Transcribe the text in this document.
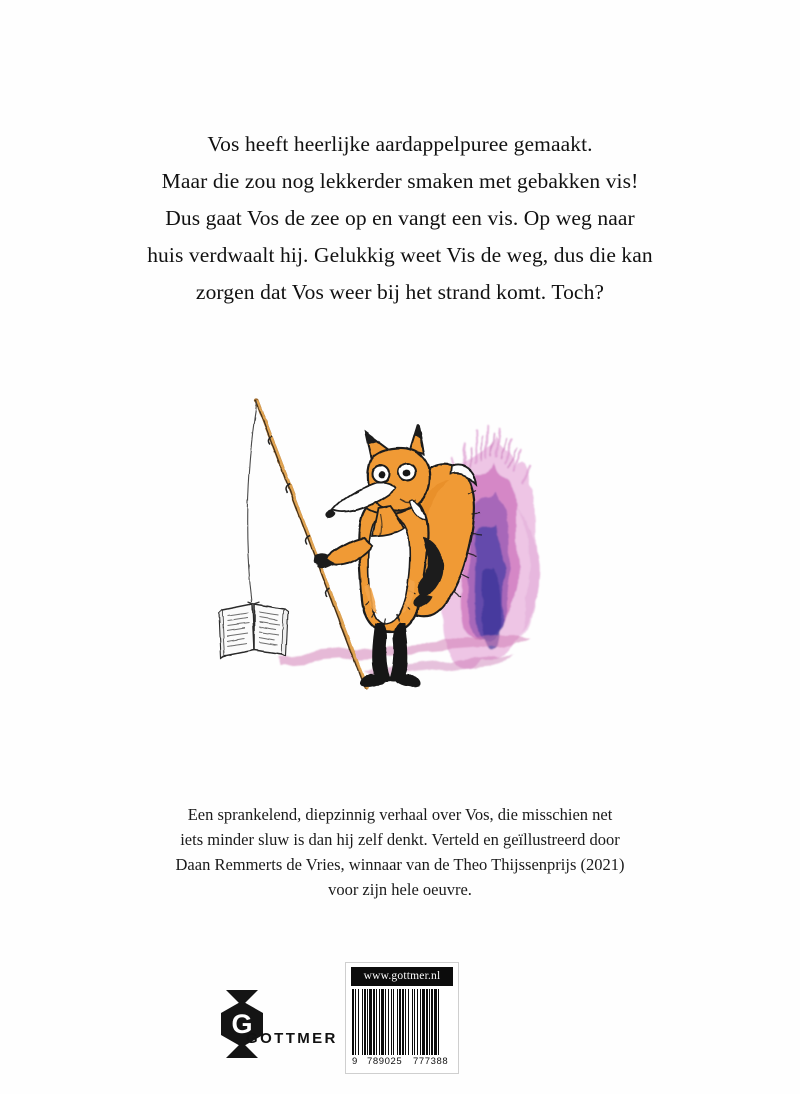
Vos heeft heerlijke aardappelpuree gemaakt.
Maar die zou nog lekkerder smaken met gebakken vis!
Dus gaat Vos de zee op en vangt een vis. Op weg naar
huis verdwaalt hij. Gelukkig weet Vis de weg, dus die kan
zorgen dat Vos weer bij het strand komt. Toch?
Een sprankelend, diepzinnig verhaal over Vos, die misschien net
iets minder sluw is dan hij zelf denkt. Verteld en geïllustreerd door
Daan Remmerts de Vries, winnaar van de Theo Thijssenprijs (2021)
voor zijn hele oeuvre.
G
GOTTMER
www.gottmer.nl
9 789025 777388
